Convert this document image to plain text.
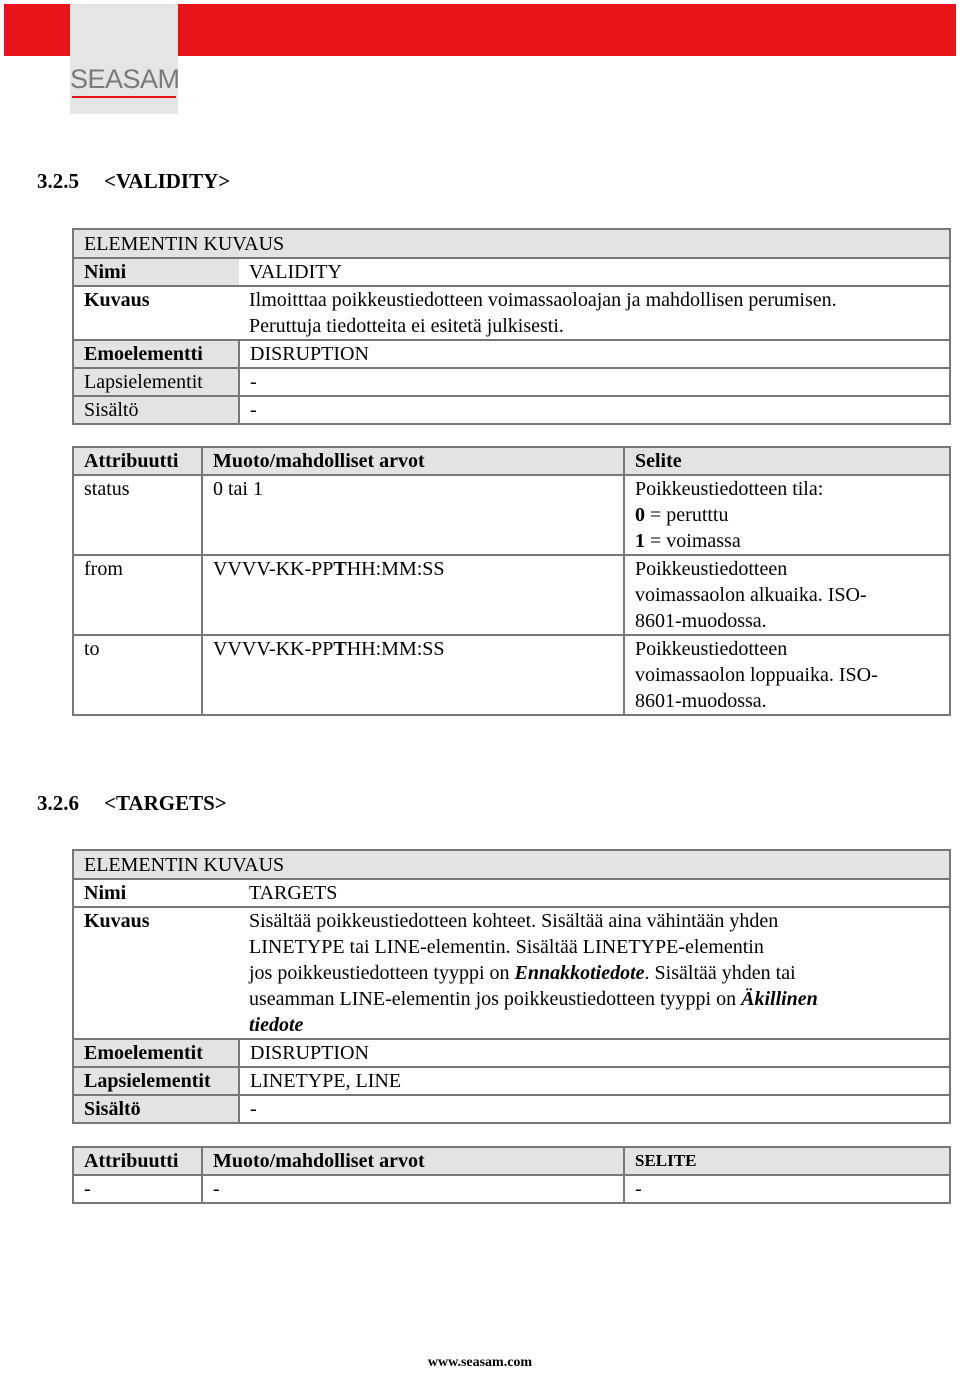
SEASAM
3.2.5 <VALIDITY>
ELEMENTIN KUVAUS	
Nimi	VALIDITY
Kuvaus	Ilmoitttaa poikkeustiedotteen voimassaoloajan ja mahdollisen perumisen.
Peruttuja tiedotteita ei esitetä julkisesti.

Emoelementti	DISRUPTION
Lapsielementit	-
Sisältö	-
Attribuutti	Muoto/mahdolliset arvot	Selite
status	0 tai 1	Poikkeustiedotteen tila:
0 = perutttu
1 = voimassa

from	VVVV-KK-PPTHH:MM:SS	Poikkeustiedotteen
voimassaolon alkuaika. ISO-
8601-muodossa.

to	VVVV-KK-PPTHH:MM:SS	Poikkeustiedotteen
voimassaolon loppuaika. ISO-
8601-muodossa.
3.2.6 <TARGETS>
ELEMENTIN KUVAUS	
Nimi	TARGETS
Kuvaus	Sisältää poikkeustiedotteen kohteet. Sisältää aina vähintään yhden
LINETYPE tai LINE-elementin. Sisältää LINETYPE-elementin
jos poikkeustiedotteen tyyppi on Ennakkotiedote. Sisältää yhden tai
useamman LINE-elementin jos poikkeustiedotteen tyyppi on Äkillinen
tiedote

Emoelementit	DISRUPTION
Lapsielementit	LINETYPE, LINE
Sisältö	-
Attribuutti	Muoto/mahdolliset arvot	SELITE
-	-	-
www.seasam.com
